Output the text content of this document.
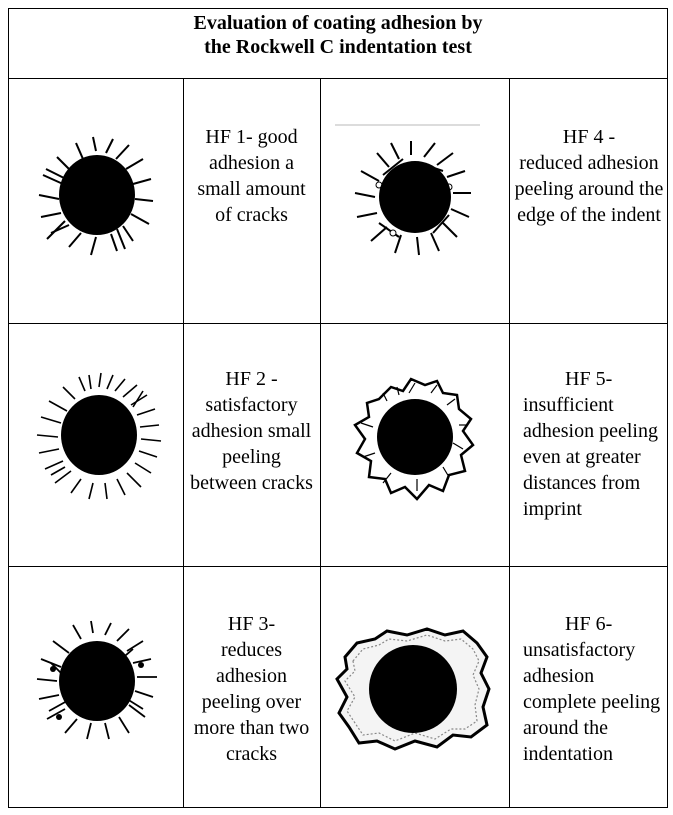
Evaluation of coating adhesion by
the Rockwell C indentation test
HF 1- good
adhesion a small amount of cracks
HF 4 -
reduced adhesion peeling around the edge of the indent
HF 2 -
satisfactory adhesion small peeling between cracks
HF 5-
insufficient adhesion peeling even at greater distances from imprint
HF 3-
reduces adhesion peeling over more than two cracks
HF 6-
unsatisfactory adhesion complete peeling around the indentation
